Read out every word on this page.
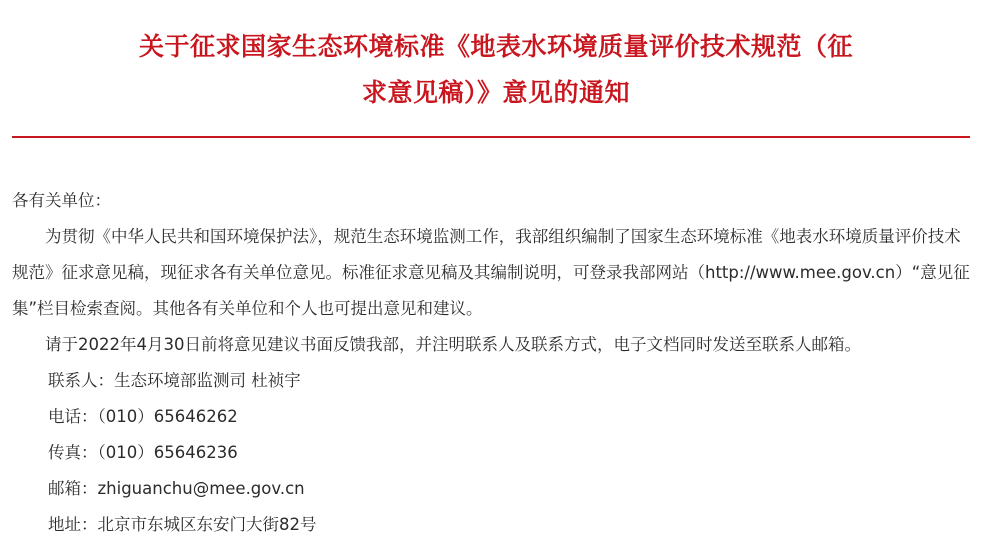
关于征求国家生态环境标准《地表水环境质量评价技术规范（征
求意见稿）》意见的通知

各有关单位：

为贯彻《中华人民共和国环境保护法》，规范生态环境监测工作，我部组织编制了国家生态环境标准《地表水环境质量评价技术规范》征求意见稿，现征求各有关单位意见。标准征求意见稿及其编制说明，可登录我部网站（http://www.mee.gov.cn）“意见征集”栏目检索查阅。其他各有关单位和个人也可提出意见和建议。

请于2022年4月30日前将意见建议书面反馈我部，并注明联系人及联系方式，电子文档同时发送至联系人邮箱。

联系人：生态环境部监测司 杜祯宇

电话：（010）65646262

传真：（010）65646236

邮箱：zhiguanchu@mee.gov.cn

地址：北京市东城区东安门大街82号
